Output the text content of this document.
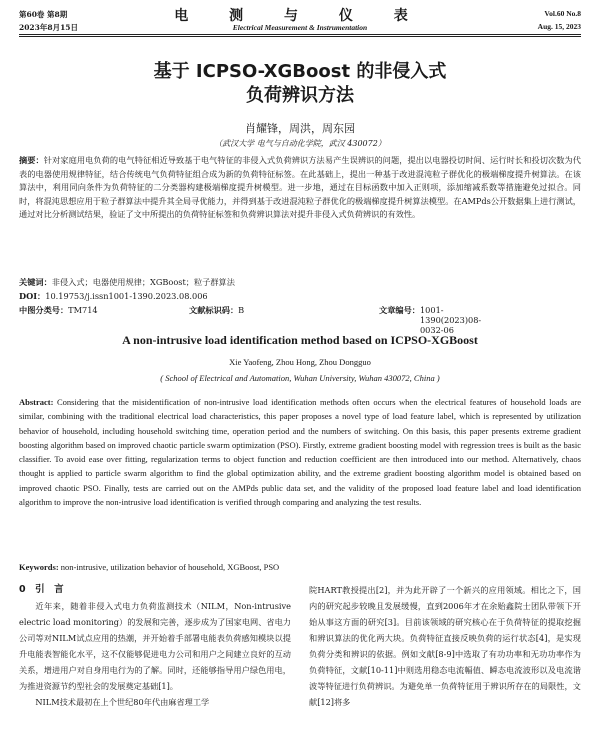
第60卷 第8期
2023年8月15日
电 测 与 仪 表
Electrical Measurement & Instrumentation
Vol.60 No.8
Aug. 15, 2023
基于 ICPSO-XGBoost 的非侵入式
负荷辨识方法
肖耀锋，周洪，周东园
（武汉大学 电气与自动化学院，武汉 430072）
摘要：针对家庭用电负荷的电气特征相近导致基于电气特征的非侵入式负荷辨识方法易产生误辨识的问题，提出以电器投切时间、运行时长和投切次数为代表的电器使用规律特征，结合传统电气负荷特征组合成为新的负荷特征标签。在此基础上，提出一种基于改进混沌粒子群优化的极端梯度提升树算法。在该算法中，利用同向条件为负荷特征的二分类器构建极端梯度提升树模型。进一步地，通过在目标函数中加入正则项，添加缩减系数等措施避免过拟合。同时，将混沌思想应用于粒子群算法中提升其全局寻优能力，并得到基于改进混沌粒子群优化的极端梯度提升树算法模型。在AMPds公开数据集上进行测试，通过对比分析测试结果，验证了文中所提出的负荷特征标签和负荷辨识算法对提升非侵入式负荷辨识的有效性。
关键词：非侵入式；电器使用规律；XGBoost；粒子群算法
DOI：10.19753/j.issn1001-1390.2023.08.006
中图分类号： TM714	文献标识码： B	文章编号： 1001-1390(2023)08-0032-06
A non-intrusive load identification method based on ICPSO-XGBoost
Xie Yaofeng, Zhou Hong, Zhou Dongguo
( School of Electrical and Automation, Wuhan University, Wuhan 430072, China )
Abstract: Considering that the misidentification of non-intrusive load identification methods often occurs when the electrical features of household loads are similar, combining with the traditional electrical load characteristics, this paper proposes a novel type of load feature label, which is represented by utilization behavior of household, including household switching time, operation period and the numbers of switching. On this basis, this paper presents extreme gradient boosting algorithm based on improved chaotic particle swarm optimization (PSO). Firstly, extreme gradient boosting model with regression trees is built as the basic classifier. To avoid ease over fitting, regularization terms to object function and reduction coefficient are then introduced into our method. Alternatively, chaos thought is applied to particle swarm algorithm to find the global optimization ability, and the extreme gradient boosting algorithm model is obtained based on improved chaotic PSO. Finally, tests are carried out on the AMPds public data set, and the validity of the proposed load feature label and load identification algorithm to improve the non-intrusive load identification is verified through comparing and analyzing the test results.
Keywords: non-intrusive, utilization behavior of household, XGBoost, PSO
0　引　言
近年来，随着非侵入式电力负荷监测技术（NILM，Non-intrusive electric load monitoring）的发展和完善，逐步成为了国家电网、省电力公司等对NILM试点应用的热潮，并开始着手部署电能表负荷感知模块以提升电能表智能化水平，这不仅能够促进电力公司和用户之间建立良好的互动关系，增进用户对自身用电行为的了解。同时，还能够指导用户绿色用电，为推进资源节约型社会的发展奠定基础[1]。
NILM技术最初在上个世纪80年代由麻省理工学
院HART教授提出[2]，并为此开辟了一个新兴的应用领域。相比之下，国内的研究起步较晚且发展缓慢，直到2006年才在余贻鑫院士团队带领下开始从事这方面的研究[3]。目前该领域的研究核心在于负荷特征的提取挖掘和辨识算法的优化两大块。负荷特征直接反映负荷的运行状态[4]，是实现负荷分类和辨识的依据。例如文献[8-9]中选取了有功功率和无功功率作为负荷特征，文献[10-11]中则选用稳态电流幅值、瞬态电流波形以及电流谐波等特征进行负荷辨识。为避免单一负荷特征用于辨识所存在的局限性，文献[12]将多
